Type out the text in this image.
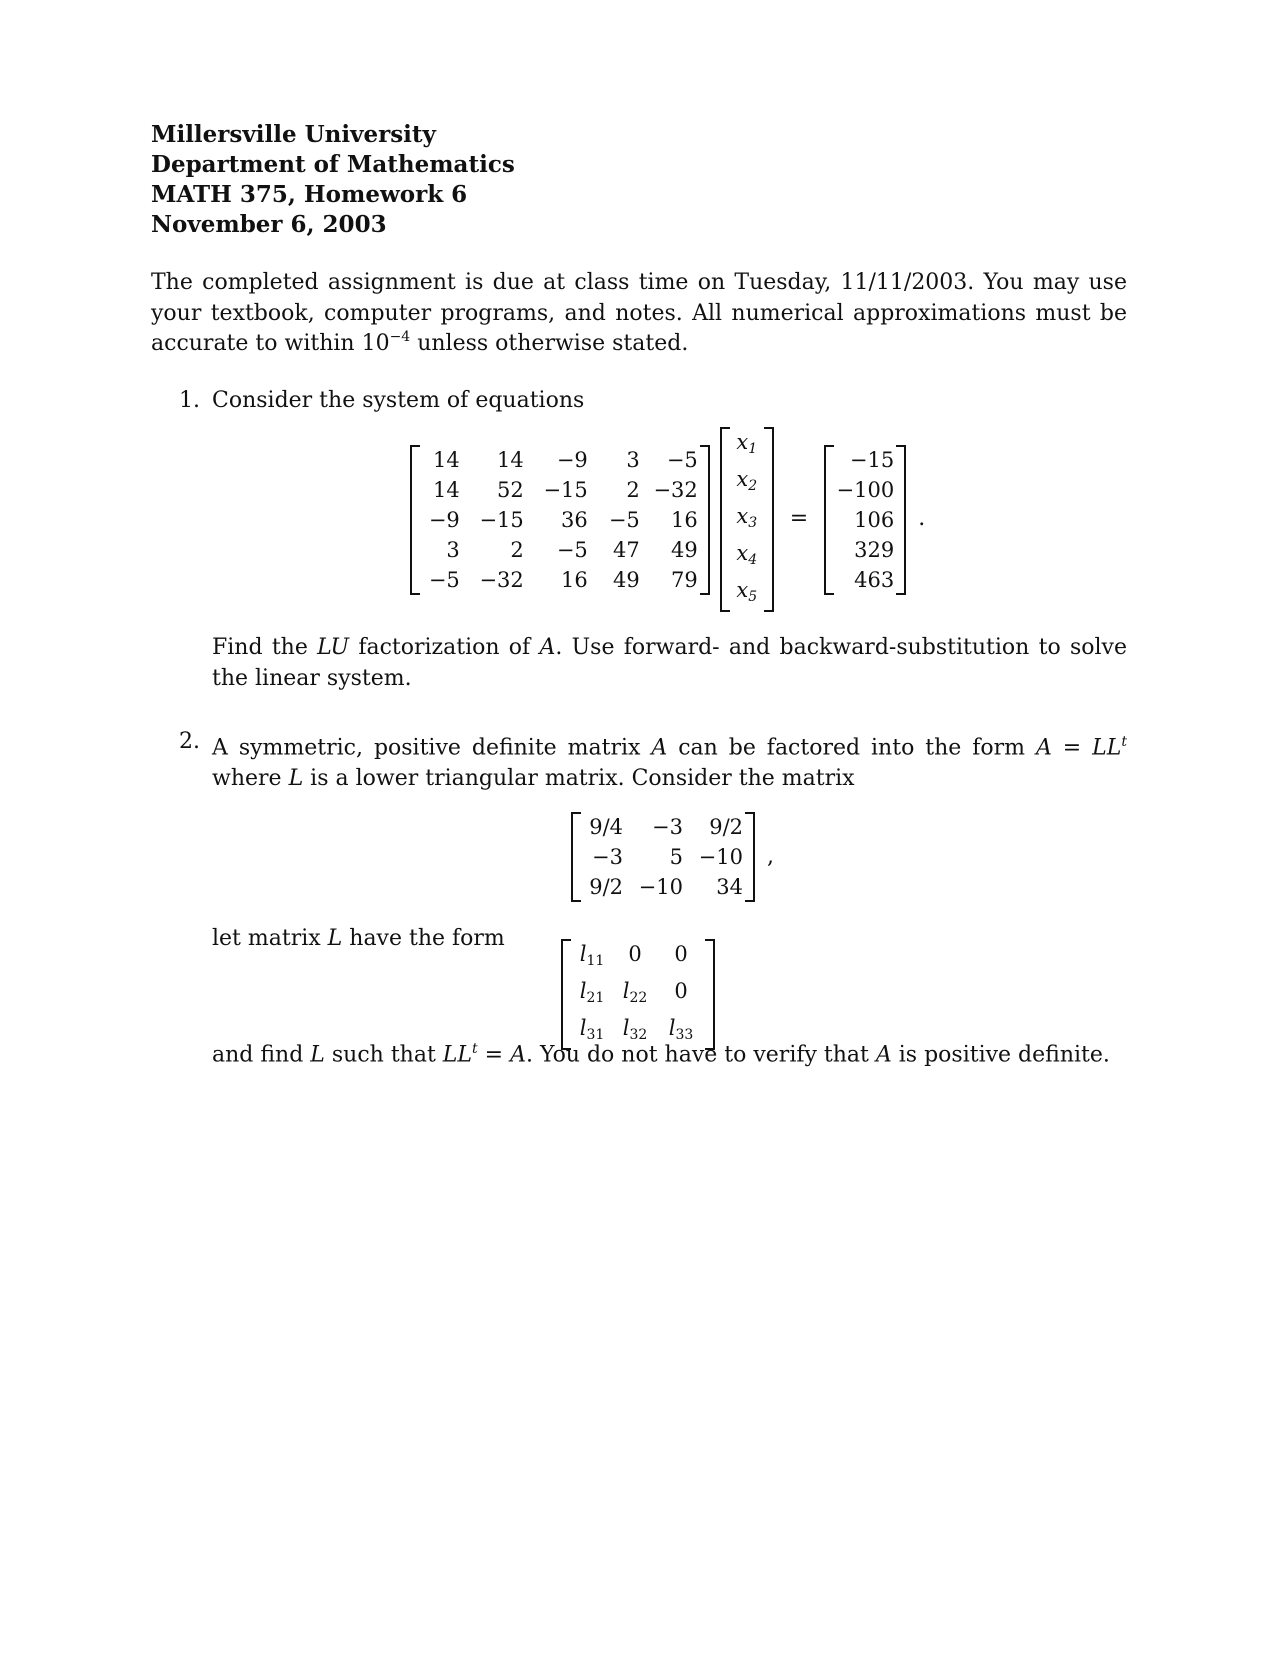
Millersville University
Department of Mathematics
MATH 375, Homework 6
November 6, 2003
The completed assignment is due at class time on Tuesday, 11/11/2003. You may use your textbook, computer programs, and notes. All numerical approximations must be accurate to within $10^{-4}$ unless otherwise stated.
1. Consider the system of equations
14	14	−9	3	−5
14	52 −15	2 −32
−9 −15	36	−5	16
3	2	−5	47	49
−5 −32	16	49	79
$x_1$
$x_2$
$x_3$
$x_4$
$x_5$
=
−15
−100
106
329
463
.
Find the LU factorization of A. Use forward- and backward-substitution to solve the linear system.
2. A symmetric, positive definite matrix A can be factored into the form $A = LL^t$ where L is a lower triangular matrix. Consider the matrix
9/4	−3	9/2
−3	5 −10
9/2 −10	34
,
let matrix L have the form
$l_{11}$	0	0
$l_{21}$ $l_{22}$	0
$l_{31}$ $l_{32}$	$l_{33}$
and find L such that $LL^t = A$. You do not have to verify that A is positive definite.
